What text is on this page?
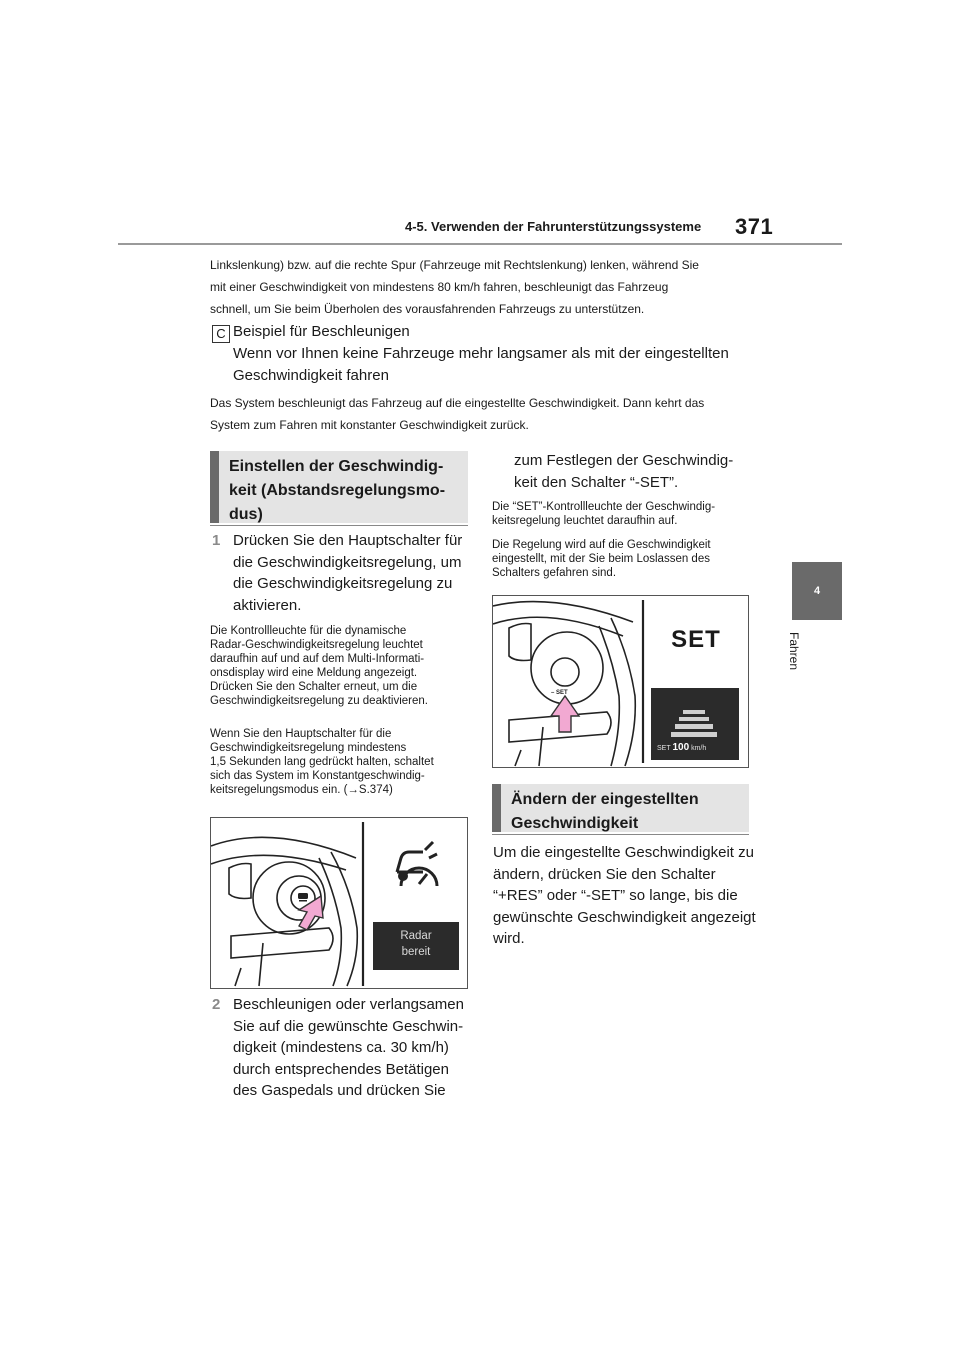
4-5. Verwenden der Fahrunterstützungssysteme 371
4
Fahren
Linkslenkung) bzw. auf die rechte Spur (Fahrzeuge mit Rechtslenkung) lenken, während Sie
mit einer Geschwindigkeit von mindestens 80 km/h fahren, beschleunigt das Fahrzeug
schnell, um Sie beim Überholen des vorausfahrenden Fahrzeugs zu unterstützen.
C Beispiel für Beschleunigen
Wenn vor Ihnen keine Fahrzeuge mehr langsamer als mit der eingestellten
Geschwindigkeit fahren
Das System beschleunigt das Fahrzeug auf die eingestellte Geschwindigkeit. Dann kehrt das
System zum Fahren mit konstanter Geschwindigkeit zurück.
Einstellen der Geschwindig-
keit (Abstandsregelungsmo-
dus)
1 Drücken Sie den Hauptschalter für
die Geschwindigkeitsregelung, um
die Geschwindigkeitsregelung zu
aktivieren.
Die Kontrollleuchte für die dynamische
Radar-Geschwindigkeitsregelung leuchtet
daraufhin auf und auf dem Multi-Informati-
onsdisplay wird eine Meldung angezeigt.
Drücken Sie den Schalter erneut, um die
Geschwindigkeitsregelung zu deaktivieren.
Wenn Sie den Hauptschalter für die
Geschwindigkeitsregelung mindestens
1,5 Sekunden lang gedrückt halten, schaltet
sich das System im Konstantgeschwindig-
keitsregelungsmodus ein. (→S.374)
Radar
bereit
2 Beschleunigen oder verlangsamen
Sie auf die gewünschte Geschwin-
digkeit (mindestens ca. 30 km/h)
durch entsprechendes Betätigen
des Gaspedals und drücken Sie
zum Festlegen der Geschwindig-
keit den Schalter “-SET”.
Die “SET”-Kontrollleuchte der Geschwindig-
keitsregelung leuchtet daraufhin auf.
Die Regelung wird auf die Geschwindigkeit
eingestellt, mit der Sie beim Loslassen des
Schalters gefahren sind.
SET
– SET
SET 100 km/h
Ändern der eingestellten
Geschwindigkeit
Um die eingestellte Geschwindigkeit zu
ändern, drücken Sie den Schalter
“+RES” oder “-SET” so lange, bis die
gewünschte Geschwindigkeit angezeigt
wird.
